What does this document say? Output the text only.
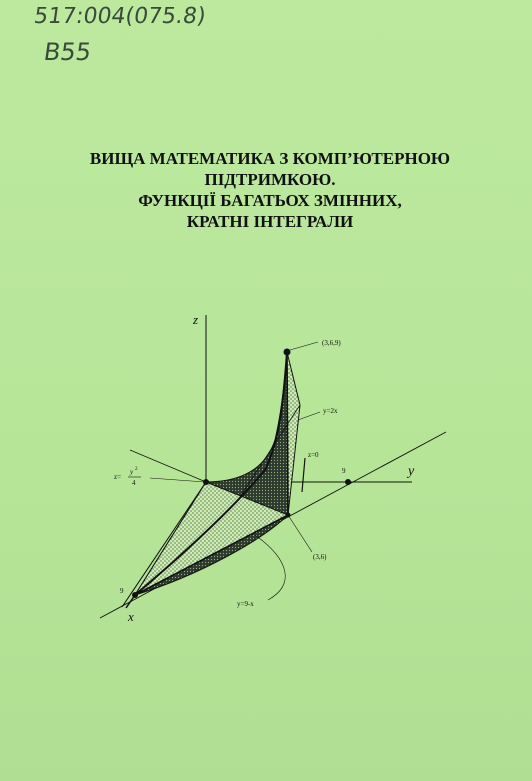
517:004(075.8)
B55
ВИЩА МАТЕМАТИКА З КОМП’ЮТЕРНОЮ
ПІДТРИМКОЮ.
ФУНКЦІЇ БАГАТЬОХ ЗМІННИХ,
КРАТНІ ІНТЕГРАЛИ
z
y
x
(3,6,9)
y=2x
z=0
9
9
(3,6)
y=9-x
z=
y 2
4
